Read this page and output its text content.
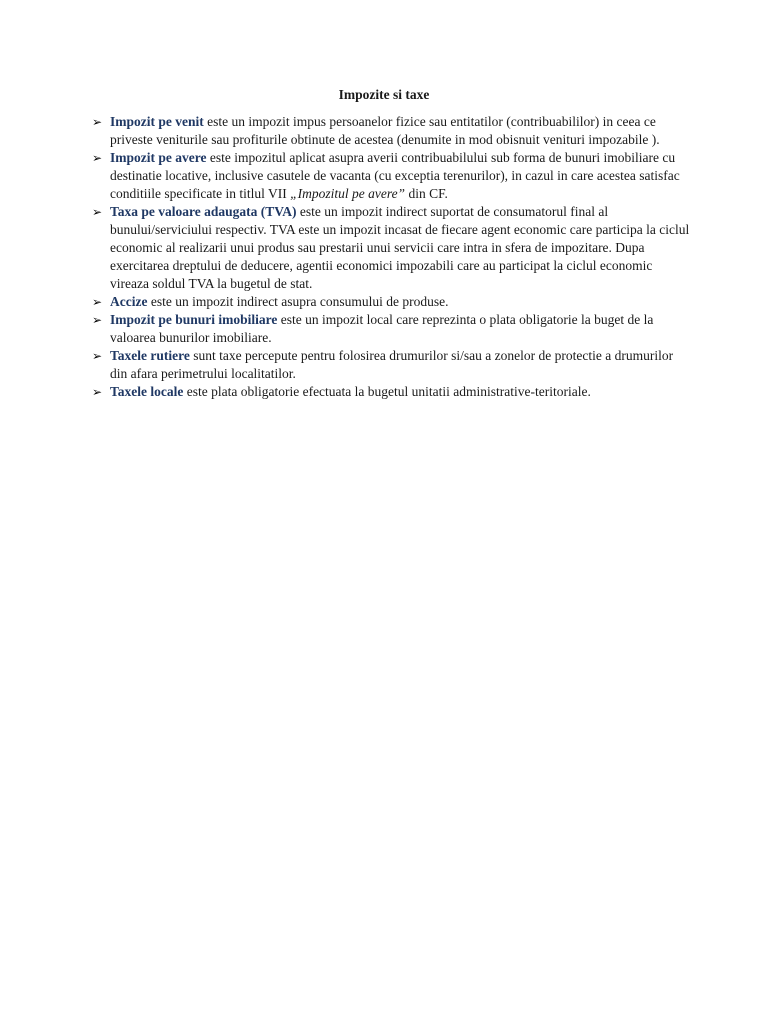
Impozite si taxe
➢ Impozit pe venit este un impozit impus persoanelor fizice sau entitatilor (contribuabililor) in ceea ce priveste veniturile sau profiturile obtinute de acestea (denumite in mod obisnuit venituri impozabile ).
➢ Impozit pe avere este impozitul aplicat asupra averii contribuabilului sub forma de bunuri imobiliare cu destinatie locative, inclusive casutele de vacanta (cu exceptia terenurilor), in cazul in care acestea satisfac conditiile specificate in titlul VII „Impozitul pe avere” din CF.
➢ Taxa pe valoare adaugata (TVA) este un impozit indirect suportat de consumatorul final al bunului/serviciului respectiv. TVA este un impozit incasat de fiecare agent economic care participa la ciclul economic al realizarii unui produs sau prestarii unui servicii care intra in sfera de impozitare. Dupa exercitarea dreptului de deducere, agentii economici impozabili care au participat la ciclul economic vireaza soldul TVA la bugetul de stat.
➢ Accize este un impozit indirect asupra consumului de produse.
➢ Impozit pe bunuri imobiliare este un impozit local care reprezinta o plata obligatorie la buget de la valoarea bunurilor imobiliare.
➢ Taxele rutiere sunt taxe percepute pentru folosirea drumurilor si/sau a zonelor de protectie a drumurilor din afara perimetrului localitatilor.
➢ Taxele locale este plata obligatorie efectuata la bugetul unitatii administrative-teritoriale.
